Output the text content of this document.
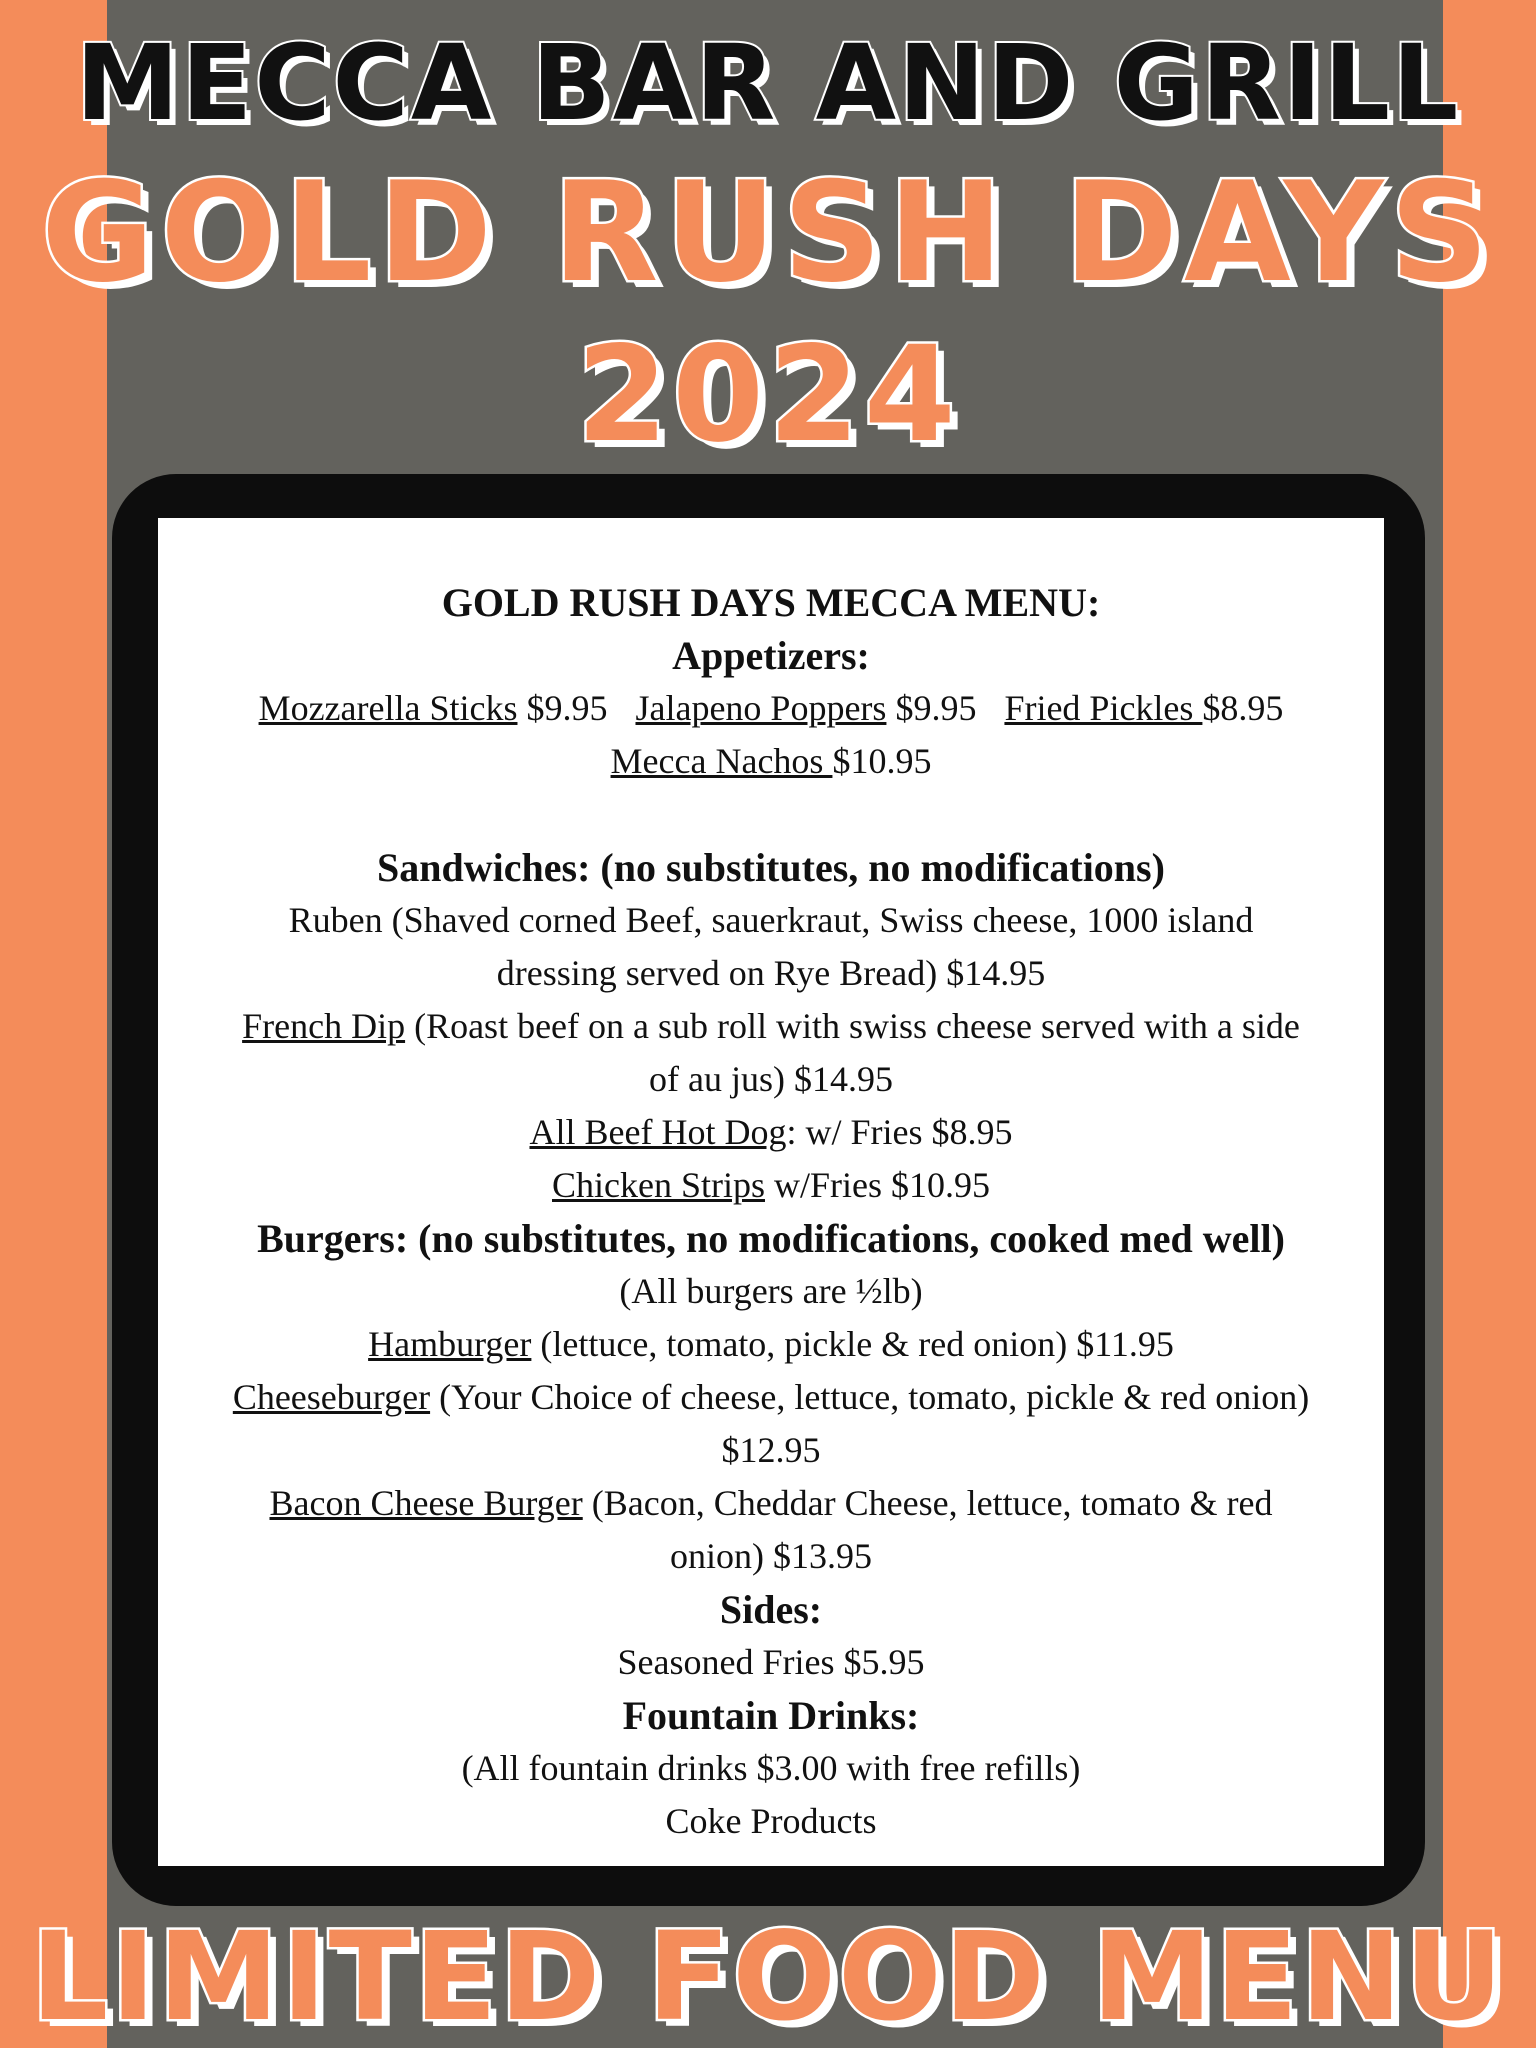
MECCA BAR AND GRILL
GOLD RUSH DAYS
2024
GOLD RUSH DAYS MECCA MENU:
Appetizers:
Mozzarella Sticks $9.95 Jalapeno Poppers $9.95 Fried Pickles $8.95
Mecca Nachos $10.95
Sandwiches: (no substitutes, no modifications)
Ruben (Shaved corned Beef, sauerkraut, Swiss cheese, 1000 island
dressing served on Rye Bread) $14.95
French Dip (Roast beef on a sub roll with swiss cheese served with a side
of au jus) $14.95
All Beef Hot Dog: w/ Fries $8.95
Chicken Strips w/Fries $10.95
Burgers: (no substitutes, no modifications, cooked med well)
(All burgers are ½lb)
Hamburger (lettuce, tomato, pickle & red onion) $11.95
Cheeseburger (Your Choice of cheese, lettuce, tomato, pickle & red onion)
$12.95
Bacon Cheese Burger (Bacon, Cheddar Cheese, lettuce, tomato & red
onion) $13.95
Sides:
Seasoned Fries $5.95
Fountain Drinks:
(All fountain drinks $3.00 with free refills)
Coke Products
LIMITED FOOD MENU
